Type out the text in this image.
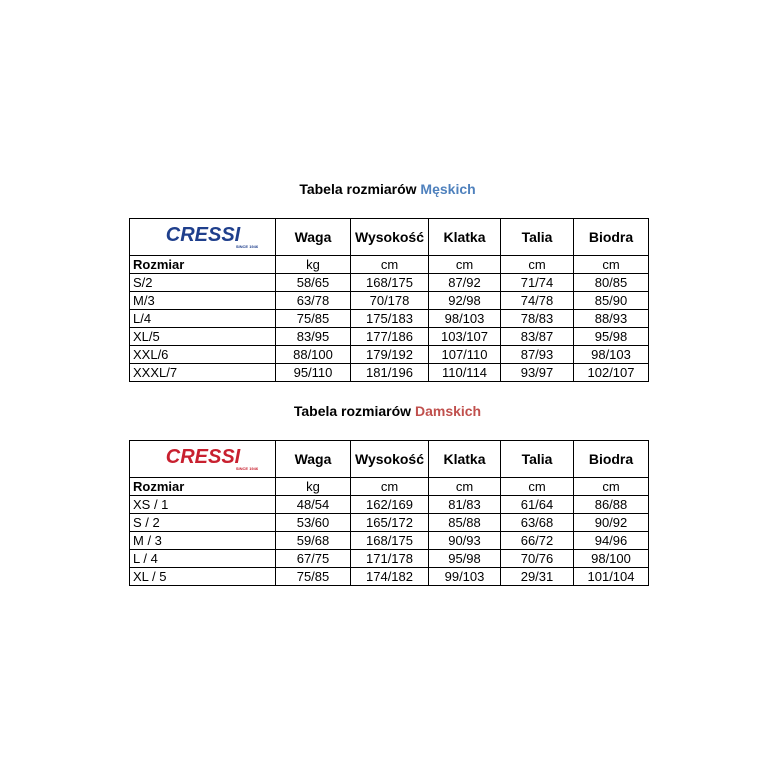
Tabela rozmiarów Męskich
CRESSI
SINCE 1946	Waga	Wysokość	Klatka	Talia	Biodra
Rozmiar	kg	cm	cm	cm	cm
S/2	58/65	168/175	87/92	71/74	80/85
M/3	63/78	70/178	92/98	74/78	85/90
L/4	75/85	175/183	98/103	78/83	88/93
XL/5	83/95	177/186	103/107	83/87	95/98
XXL/6	88/100	179/192	107/110	87/93	98/103
XXXL/7	95/110	181/196	110/114	93/97	102/107
Tabela rozmiarów Damskich
CRESSI
SINCE 1946	Waga	Wysokość	Klatka	Talia	Biodra
Rozmiar	kg	cm	cm	cm	cm
XS / 1	48/54	162/169	81/83	61/64	86/88
S / 2	53/60	165/172	85/88	63/68	90/92
M / 3	59/68	168/175	90/93	66/72	94/96
L / 4	67/75	171/178	95/98	70/76	98/100
XL / 5	75/85	174/182	99/103	29/31	101/104
